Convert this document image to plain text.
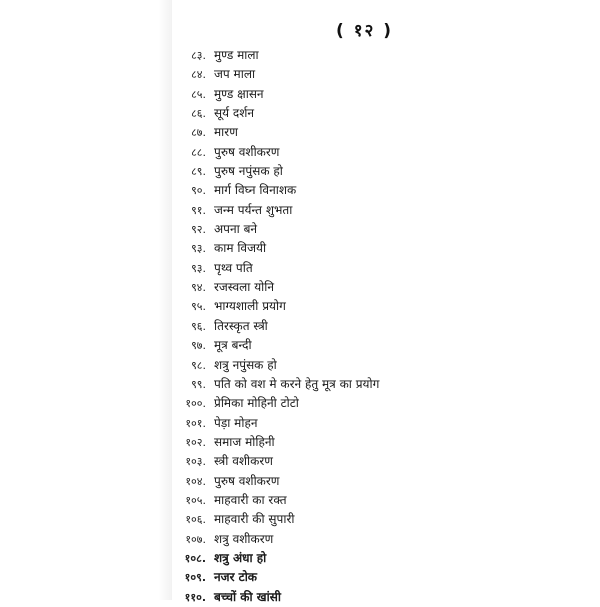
( १२ )
८३. मुण्ड माला
८४. जप माला
८५. मुण्ड क्षासन
८६. सूर्य दर्शन
८७. मारण
८८. पुरुष वशीकरण
८९. पुरुष नपुंसक हो
९०. मार्ग विघ्न विनाशक
९१. जन्म पर्यन्त शुभता
९२. अपना बने
९३. काम विजयी
९३. पृथ्व पति
९४. रजस्वला योनि
९५. भाग्यशाली प्रयोग
९६. तिरस्कृत स्त्री
९७. मूत्र बन्दी
९८. शत्रु नपुंसक हो
९९. पति को वश मे करने हेतु मूत्र का प्रयोग
१००. प्रेमिका मोहिनी टोटो
१०१. पेड़ा मोहन
१०२. समाज मोहिनी
१०३. स्त्री वशीकरण
१०४. पुरुष वशीकरण
१०५. माहवारी का रक्त
१०६. माहवारी की सुपारी
१०७. शत्रु वशीकरण
१०८. शत्रु अंधा हो
१०९. नजर टोक
११०. बच्चों की खांसी
